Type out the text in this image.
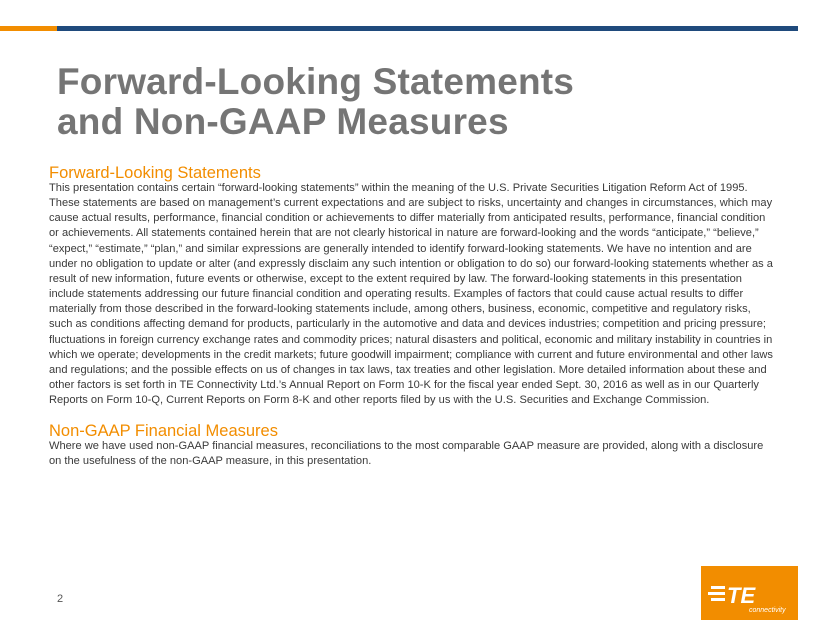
Forward-Looking Statements
and Non-GAAP Measures
Forward-Looking Statements

This presentation contains certain “forward-looking statements” within the meaning of the U.S. Private Securities Litigation Reform Act of 1995. These statements are based on management’s current expectations and are subject to risks, uncertainty and changes in circumstances, which may cause actual results, performance, financial condition or achievements to differ materially from anticipated results, performance, financial condition or achievements. All statements contained herein that are not clearly historical in nature are forward-looking and the words “anticipate,” “believe,” “expect,” “estimate,” “plan,” and similar expressions are generally intended to identify forward-looking statements. We have no intention and are under no obligation to update or alter (and expressly disclaim any such intention or obligation to do so) our forward-looking statements whether as a result of new information, future events or otherwise, except to the extent required by law. The forward-looking statements in this presentation include statements addressing our future financial condition and operating results. Examples of factors that could cause actual results to differ materially from those described in the forward-looking statements include, among others, business, economic, competitive and regulatory risks, such as conditions affecting demand for products, particularly in the automotive and data and devices industries; competition and pricing pressure; fluctuations in foreign currency exchange rates and commodity prices; natural disasters and political, economic and military instability in countries in which we operate; developments in the credit markets; future goodwill impairment; compliance with current and future environmental and other laws and regulations; and the possible effects on us of changes in tax laws, tax treaties and other legislation. More detailed information about these and other factors is set forth in TE Connectivity Ltd.’s Annual Report on Form 10-K for the fiscal year ended Sept. 30, 2016 as well as in our Quarterly Reports on Form 10-Q, Current Reports on Form 8-K and other reports filed by us with the U.S. Securities and Exchange Commission.

Non-GAAP Financial Measures

Where we have used non-GAAP financial measures, reconciliations to the most comparable GAAP measure are provided, along with a disclosure on the usefulness of the non-GAAP measure, in this presentation.

2	TE
connectivity
